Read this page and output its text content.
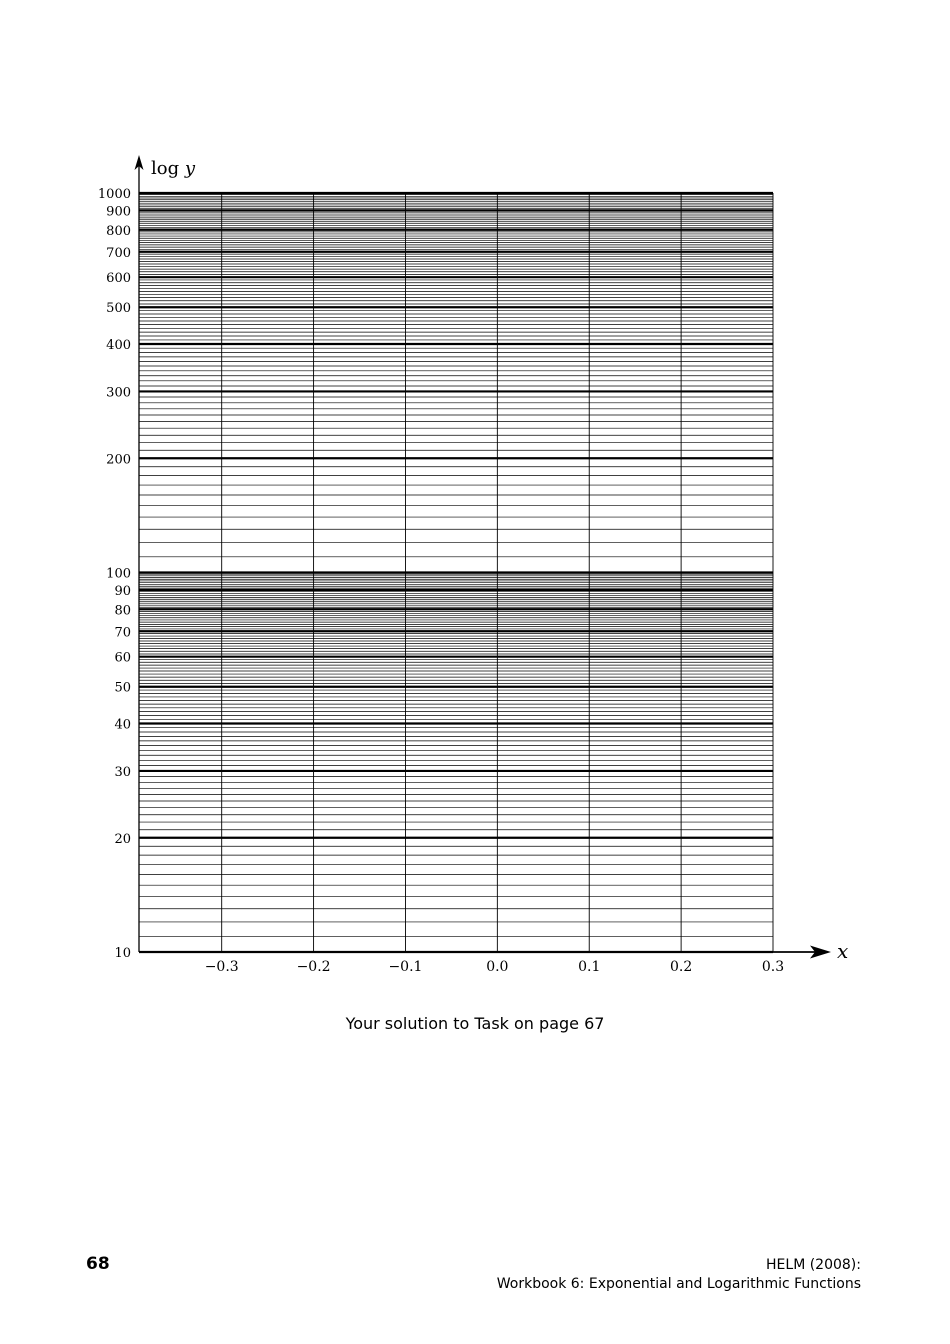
log y
x
10
20
30
40
50
60
70
80
90
100
200
300
400
500
600
700
800
900
1000
−0.3	−0.2	−0.1	0.0	0.1	0.2	0.3
Your solution to Task on page 67
68	HELM (2008):
Workbook 6: Exponential and Logarithmic Functions
